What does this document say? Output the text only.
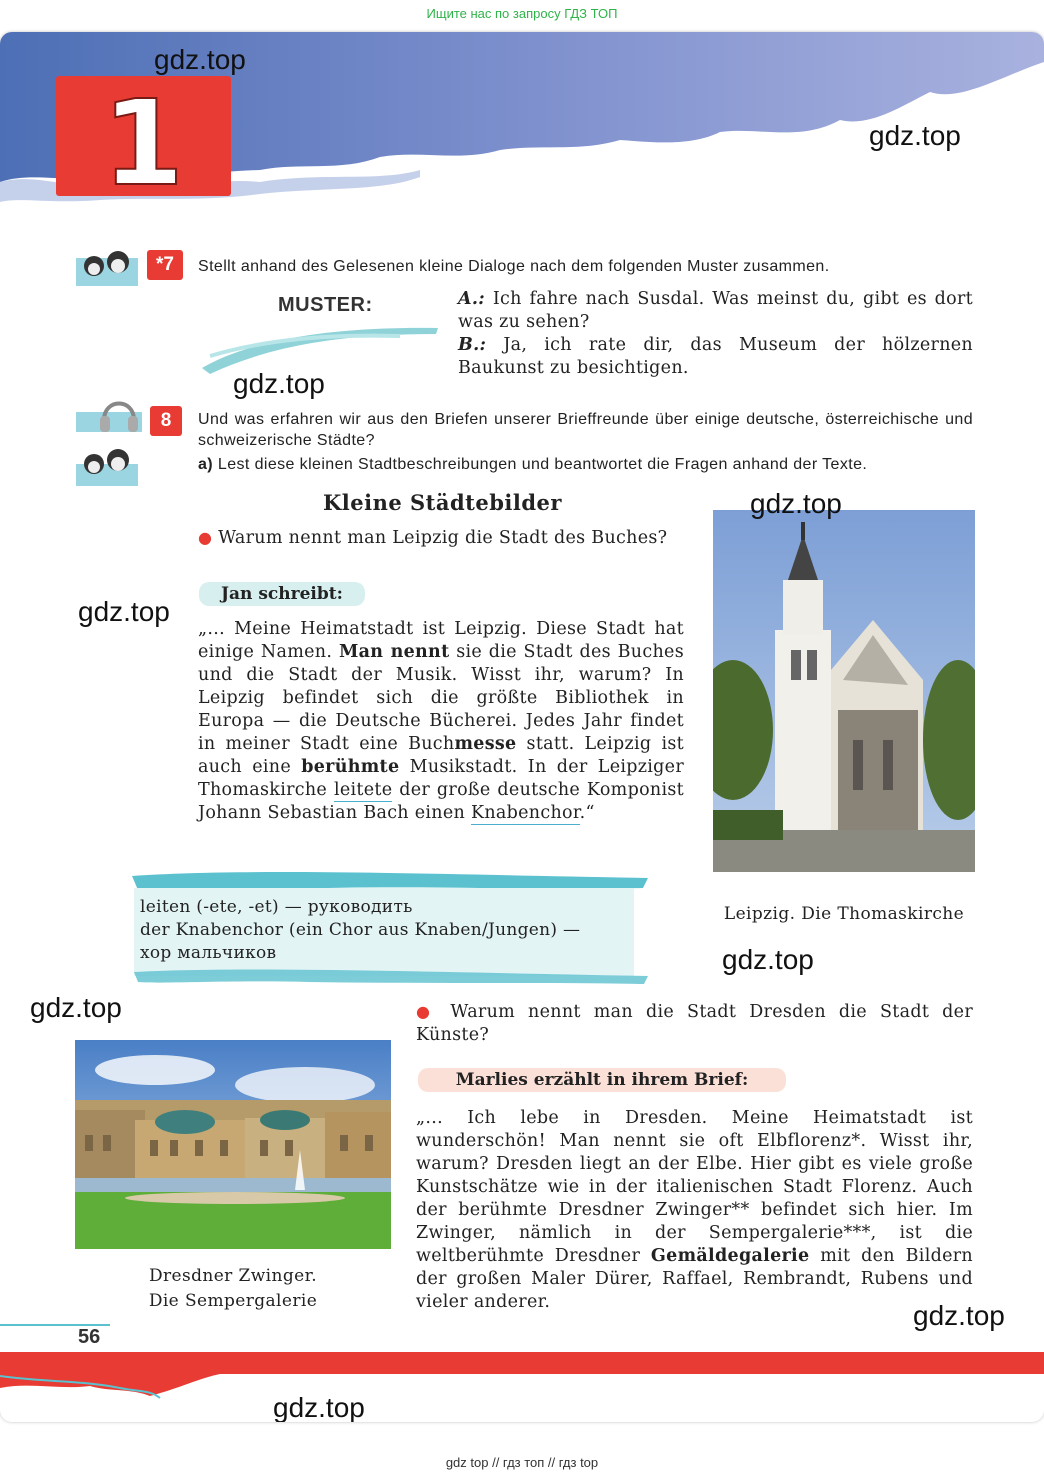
Ищите нас по запросу ГДЗ ТОП
1
*7	Stellt anhand des Gelesenen kleine Dialoge nach dem folgenden Muster zusammen.
MUSTER:	A.: Ich fahre nach Susdal. Was meinst du, gibt es dort was zu sehen?
B.: Ja, ich rate dir, das Museum der hölzernen Baukunst zu besichtigen.
8	Und was erfahren wir aus den Briefen unserer Brieffreunde über einige deutsche, österreichische und schweizerische Städte?
a) Lest diese kleinen Stadtbeschreibungen und beantwortet die Fragen anhand der Texte.
Kleine Städtebilder
● Warum nennt man Leipzig die Stadt des Buches?
Jan schreibt:
„... Meine Heimatstadt ist Leipzig. Diese Stadt hat einige Namen. Man nennt sie die Stadt des Buches und die Stadt der Musik. Wisst ihr, warum? In Leipzig befindet sich die größte Bibliothek in Europa — die Deutsche Bücherei. Jedes Jahr findet in meiner Stadt eine Buchmesse statt. Leipzig ist auch eine berühmte Musikstadt. In der Leipziger Thomaskirche leitete der große deutsche Komponist Johann Sebastian Bach einen Knabenchor.“
Leipzig. Die Thomaskirche
leiten (-ete, -et) — руководить
der Knabenchor (ein Chor aus Knaben/Jungen) —
хор мальчиков
Dresdner Zwinger.
Die Sempergalerie
● Warum nennt man die Stadt Dresden die Stadt der Künste?
Marlies erzählt in ihrem Brief:
„... Ich lebe in Dresden. Meine Heimatstadt ist wunderschön! Man nennt sie oft Elbflorenz*. Wisst ihr, warum? Dresden liegt an der Elbe. Hier gibt es viele große Kunstschätze wie in der italienischen Stadt Florenz. Auch der berühmte Dresdner Zwinger** befindet sich hier. Im Zwinger, nämlich in der Sempergalerie***, ist die weltberühmte Dresdner Gemäldegalerie mit den Bildern der großen Maler Dürer, Raffael, Rembrandt, Rubens und vieler anderer.
56
gdz.top
gdz.top
gdz.top
gdz.top
gdz.top
gdz.top
gdz.top
gdz.top
gdz.top
gdz top // гдз топ // гдз top
